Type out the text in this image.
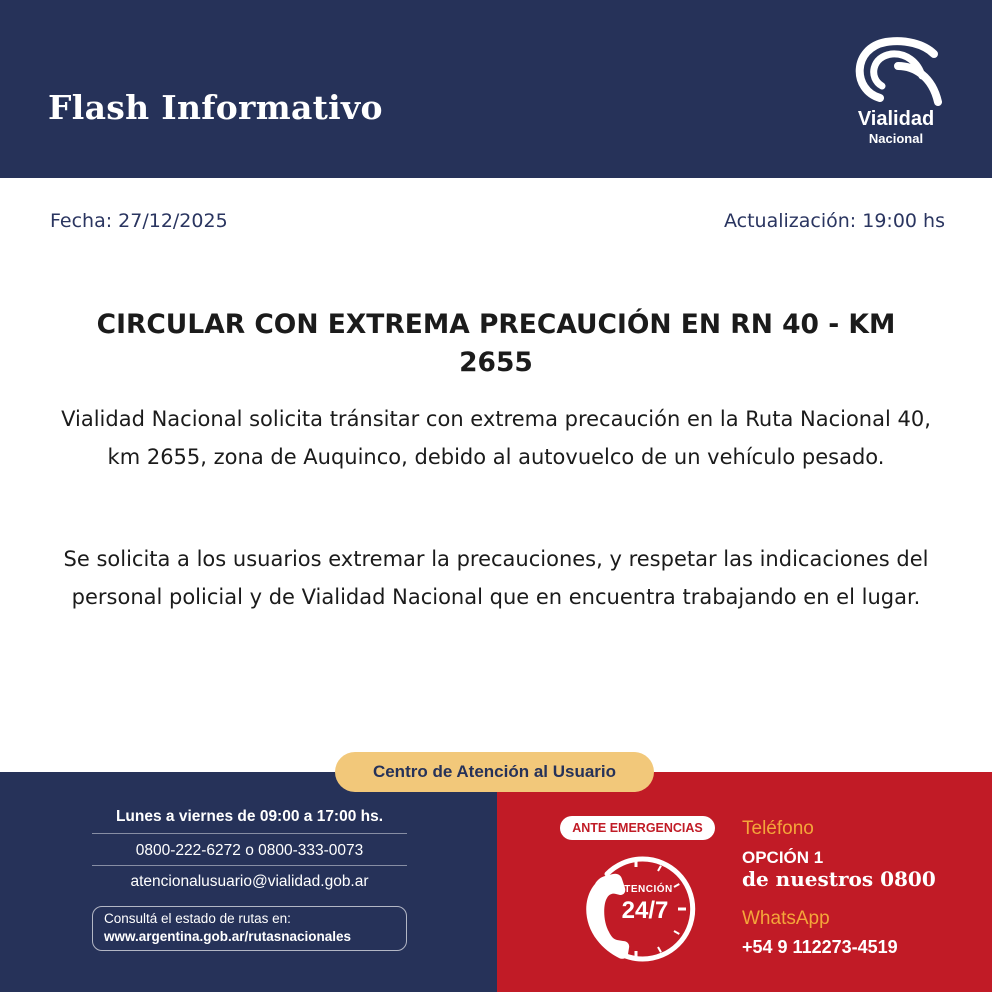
Flash Informativo	Vialidad
Nacional
Fecha: 27/12/2025	Actualización: 19:00 hs
CIRCULAR CON EXTREMA PRECAUCIÓN EN RN 40 - KM 2655
Vialidad Nacional solicita tránsitar con extrema precaución en la Ruta Nacional 40, km 2655, zona de Auquinco, debido al autovuelco de un vehículo pesado.
Se solicita a los usuarios extremar la precauciones, y respetar las indicaciones del personal policial y de Vialidad Nacional que en encuentra trabajando en el lugar.
Centro de Atención al Usuario
Lunes a viernes de 09:00 a 17:00 hs.
0800-222-6272 o 0800-333-0073
atencionalusuario@vialidad.gob.ar
Consultá el estado de rutas en:
www.argentina.gob.ar/rutasnacionales
ANTE EMERGENCIAS
ATENCIÓN
24/7
Teléfono
OPCIÓN 1
de nuestros 0800
WhatsApp
+54 9 112273-4519
